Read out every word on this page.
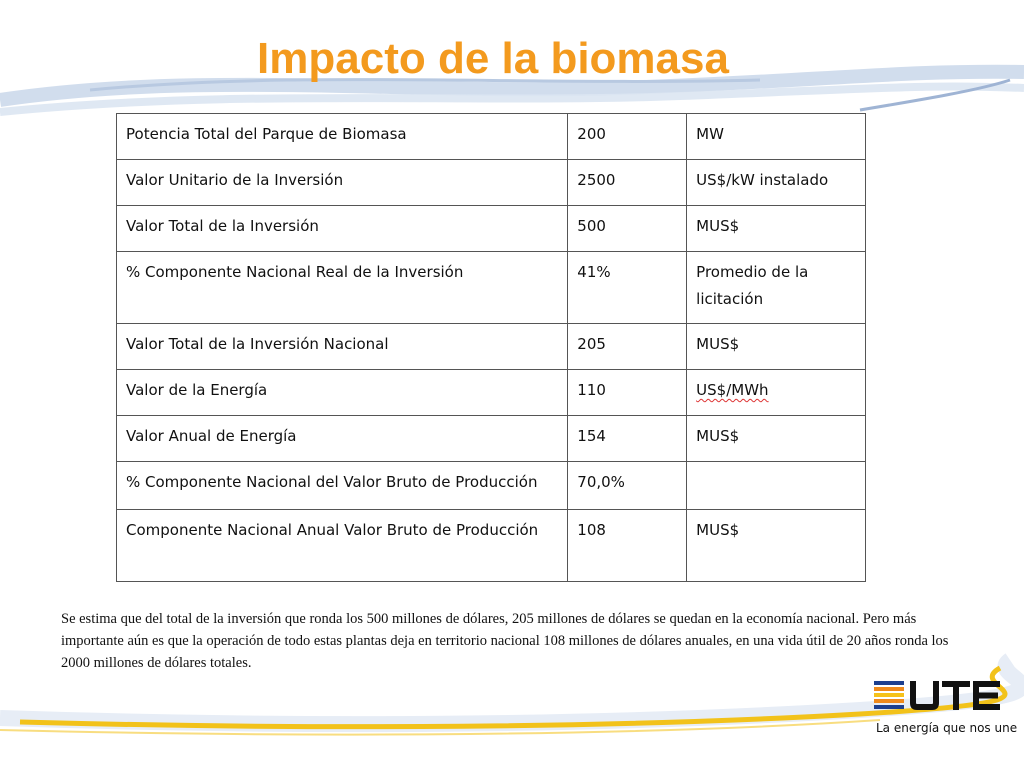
Impacto de la biomasa
Potencia Total del Parque de Biomasa	200	MW
Valor Unitario de la Inversión	2500	US$/kW instalado
Valor Total de la Inversión	500	MUS$
% Componente Nacional Real de la Inversión	41%	Promedio de la licitación
Valor Total de la Inversión Nacional	205	MUS$
Valor de la Energía	110	US$/MWh
Valor Anual de Energía	154	MUS$
% Componente Nacional del Valor Bruto de Producción	70,0%	
Componente Nacional Anual Valor Bruto de Producción	108	MUS$

Se estima que del total de la inversión que ronda los 500 millones de dólares, 205 millones de dólares se quedan en la economía nacional. Pero más importante aún es que la operación de todo estas plantas deja en territorio nacional 108 millones de dólares anuales, en una vida útil de 20 años ronda los 2000 millones de dólares totales.

La energía que nos une
